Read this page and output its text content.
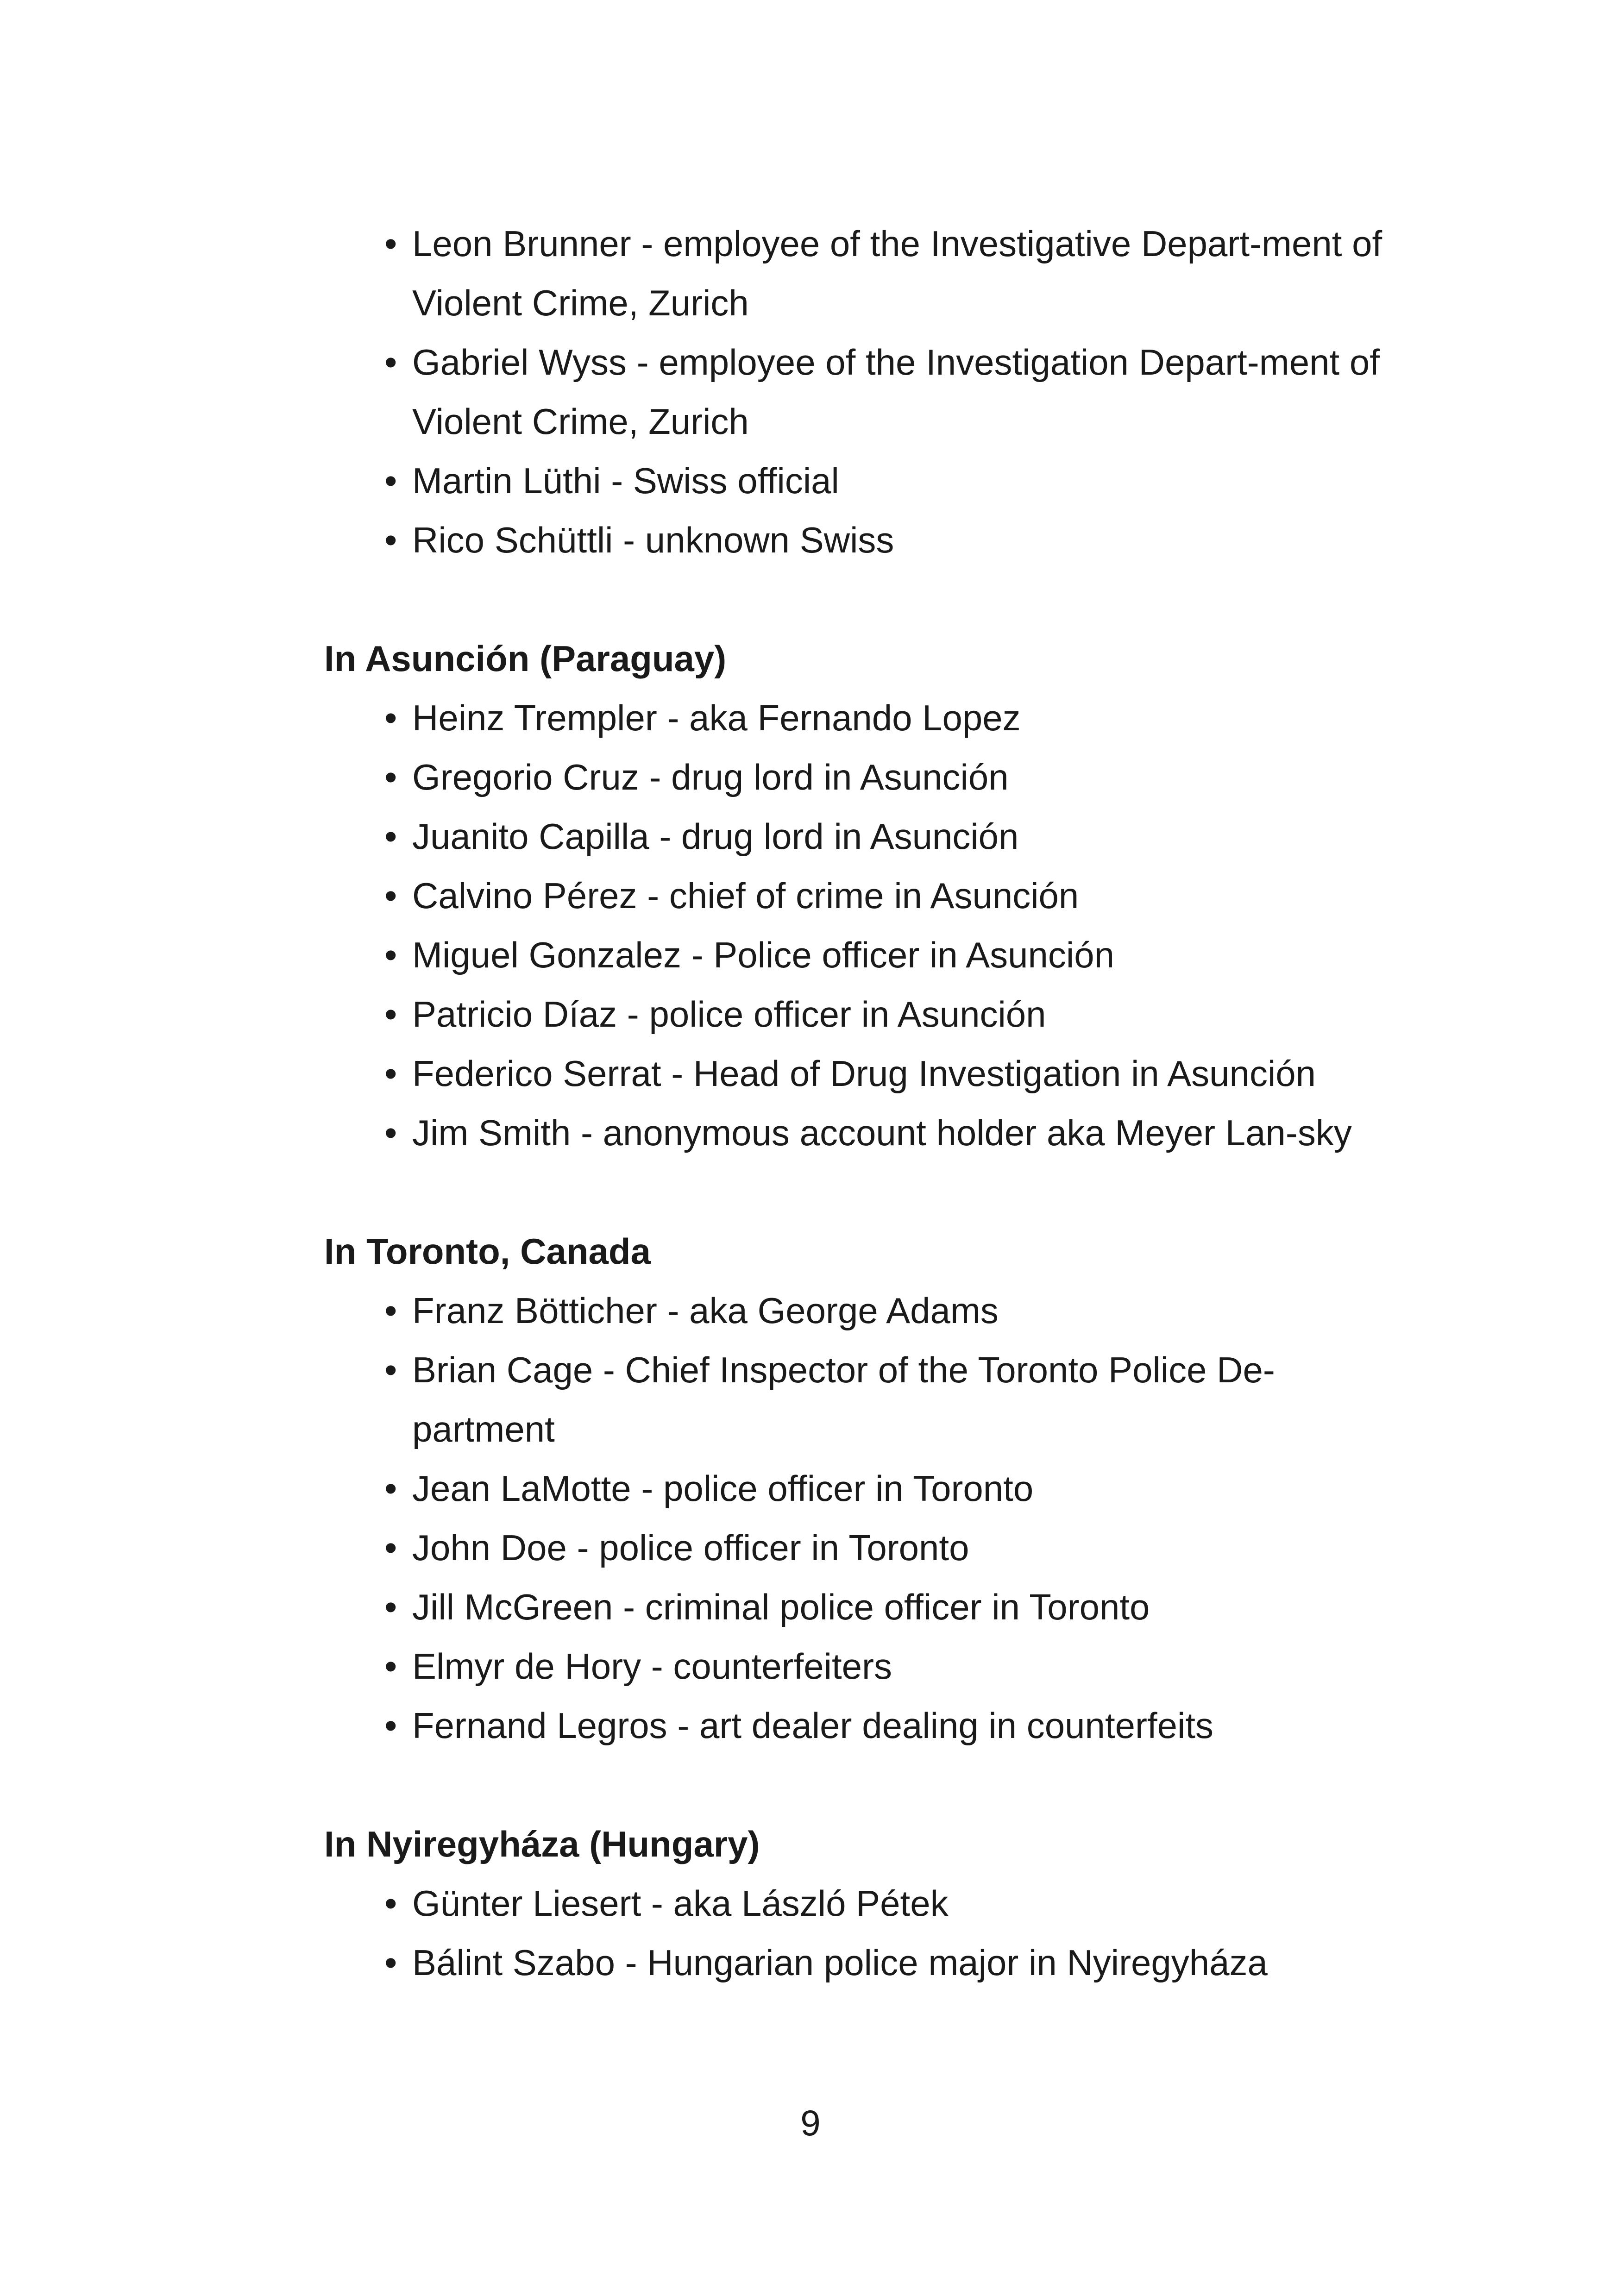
• Leon Brunner - employee of the Investigative Depart-ment of Violent Crime, Zurich
• Gabriel Wyss - employee of the Investigation Depart-ment of Violent Crime, Zurich
• Martin Lüthi - Swiss official
• Rico Schüttli - unknown Swiss
In Asunción (Paraguay)
• Heinz Trempler - aka Fernando Lopez
• Gregorio Cruz - drug lord in Asunción
• Juanito Capilla - drug lord in Asunción
• Calvino Pérez - chief of crime in Asunción
• Miguel Gonzalez - Police officer in Asunción
• Patricio Díaz - police officer in Asunción
• Federico Serrat - Head of Drug Investigation in Asunción
• Jim Smith - anonymous account holder aka Meyer Lan-sky
In Toronto, Canada
• Franz Bötticher - aka George Adams
• Brian Cage - Chief Inspector of the Toronto Police De-partment
• Jean LaMotte - police officer in Toronto
• John Doe - police officer in Toronto
• Jill McGreen - criminal police officer in Toronto
• Elmyr de Hory - counterfeiters
• Fernand Legros - art dealer dealing in counterfeits
In Nyiregyháza (Hungary)
• Günter Liesert - aka László Pétek
• Bálint Szabo - Hungarian police major in Nyiregyháza
9
